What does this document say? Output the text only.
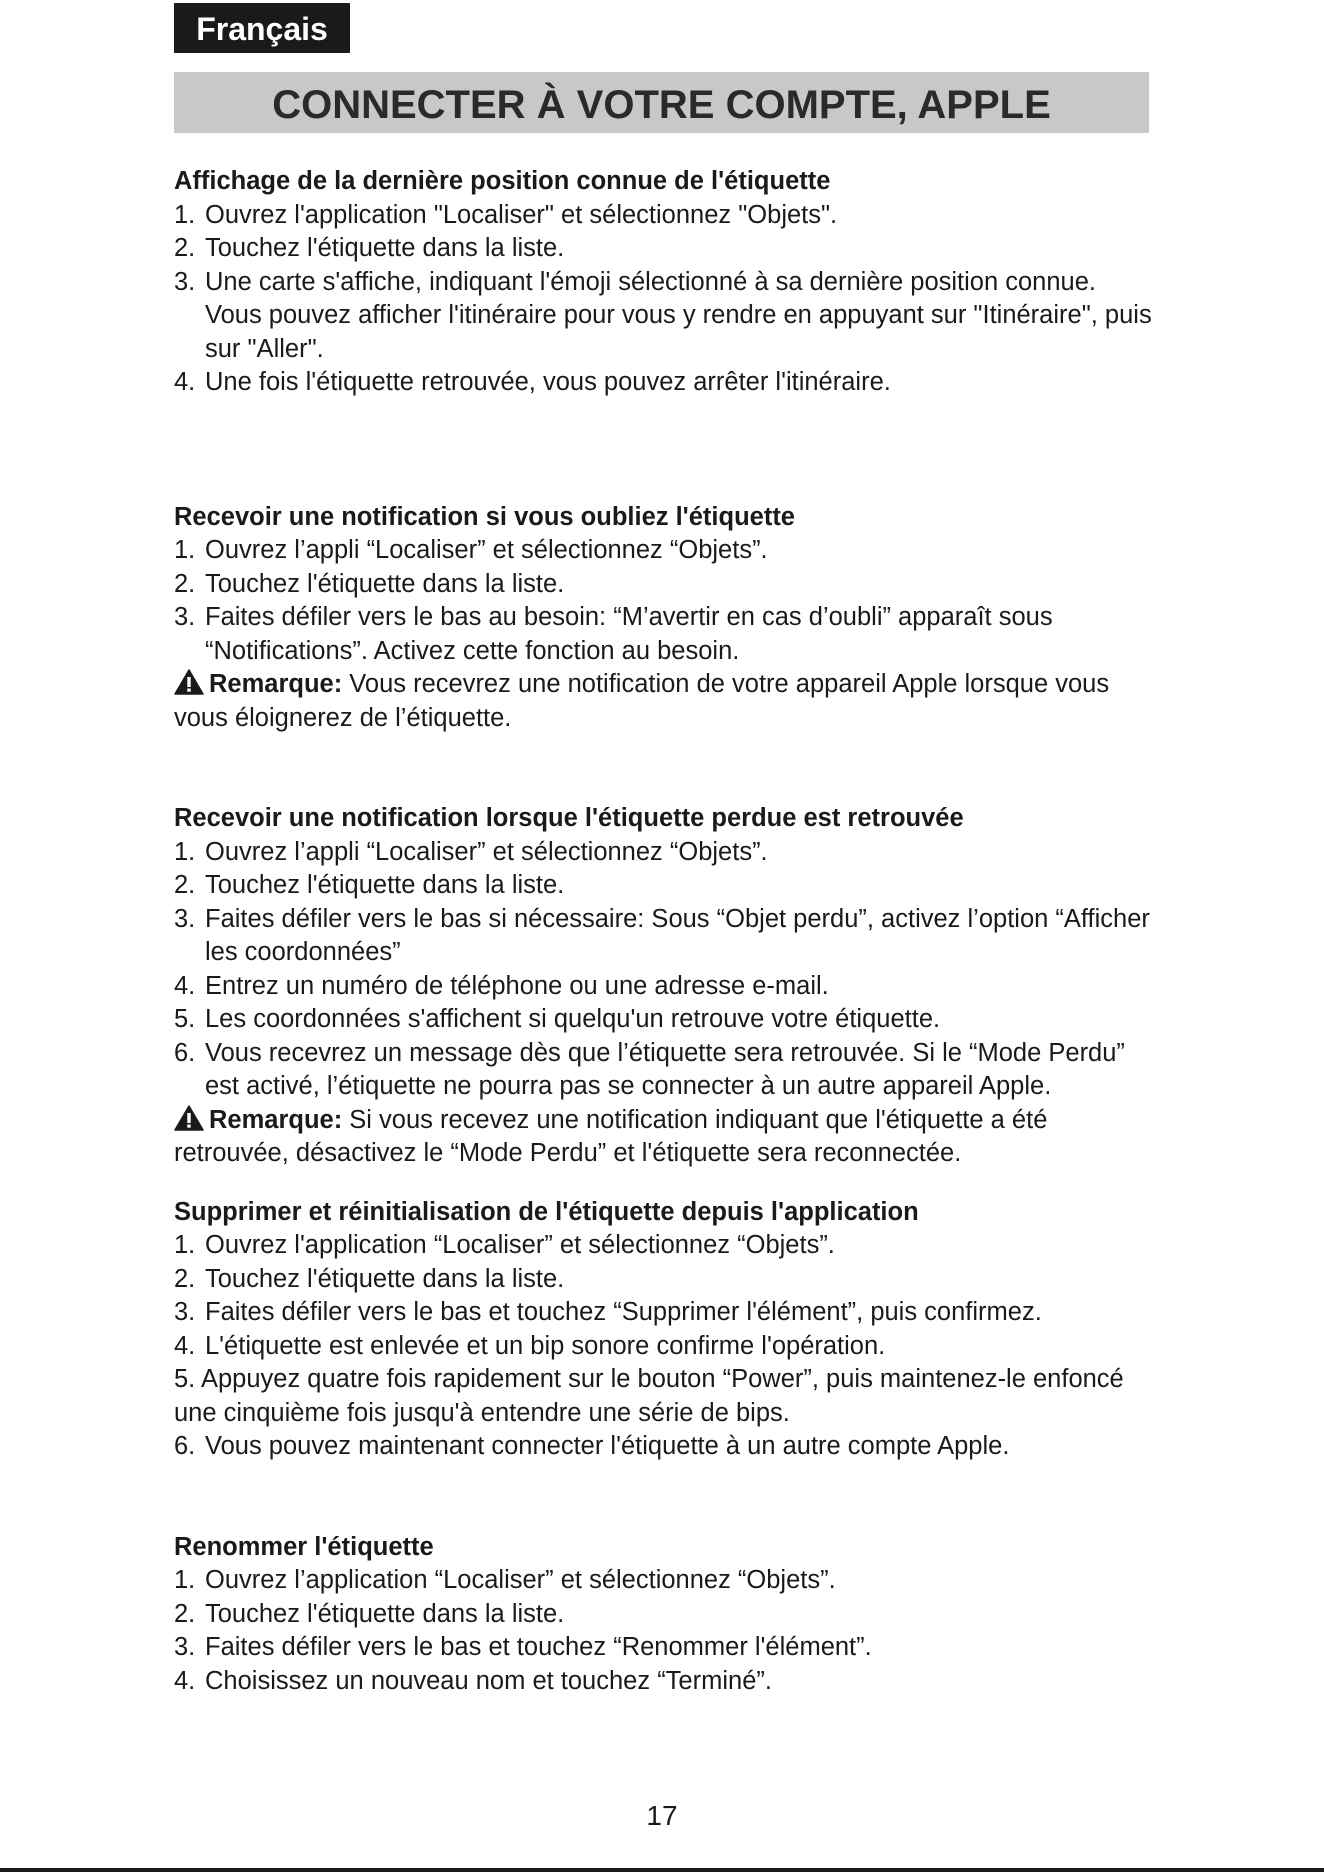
Français
CONNECTER À VOTRE COMPTE, APPLE

Affichage de la dernière position connue de l'étiquette

1. Ouvrez l'application "Localiser" et sélectionnez "Objets".
2. Touchez l'étiquette dans la liste.
3. Une carte s'affiche, indiquant l'émoji sélectionné à sa dernière position connue. Vous pouvez afficher l'itinéraire pour vous y rendre en appuyant sur "Itinéraire", puis sur "Aller".
4. Une fois l'étiquette retrouvée, vous pouvez arrêter l'itinéraire.

Recevoir une notification si vous oubliez l'étiquette

1. Ouvrez l’appli “Localiser” et sélectionnez “Objets”.
2. Touchez l'étiquette dans la liste.
3. Faites défiler vers le bas au besoin: “M’avertir en cas d’oubli” apparaît sous “Notifications”. Activez cette fonction au besoin.

Remarque: Vous recevrez une notification de votre appareil Apple lorsque vous vous éloignerez de l’étiquette.

Recevoir une notification lorsque l'étiquette perdue est retrouvée

1. Ouvrez l’appli “Localiser” et sélectionnez “Objets”.
2. Touchez l'étiquette dans la liste.
3. Faites défiler vers le bas si nécessaire: Sous “Objet perdu”, activez l’option “Afficher les coordonnées”
4. Entrez un numéro de téléphone ou une adresse e-mail.
5. Les coordonnées s'affichent si quelqu'un retrouve votre étiquette.
6. Vous recevrez un message dès que l’étiquette sera retrouvée. Si le “Mode Perdu” est activé, l’étiquette ne pourra pas se connecter à un autre appareil Apple.

Remarque: Si vous recevez une notification indiquant que l'étiquette a été retrouvée, désactivez le “Mode Perdu” et l'étiquette sera reconnectée.

Supprimer et réinitialisation de l'étiquette depuis l'application

1. Ouvrez l'application “Localiser” et sélectionnez “Objets”.
2. Touchez l'étiquette dans la liste.
3. Faites défiler vers le bas et touchez “Supprimer l'élément”, puis confirmez.
4. L'étiquette est enlevée et un bip sonore confirme l'opération.
5. Appuyez quatre fois rapidement sur le bouton “Power”, puis maintenez-le enfoncé une cinquième fois jusqu'à entendre une série de bips.
6. Vous pouvez maintenant connecter l'étiquette à un autre compte Apple.

Renommer l'étiquette

1. Ouvrez l’application “Localiser” et sélectionnez “Objets”.
2. Touchez l'étiquette dans la liste.
3. Faites défiler vers le bas et touchez “Renommer l'élément”.
4. Choisissez un nouveau nom et touchez “Terminé”.
17
